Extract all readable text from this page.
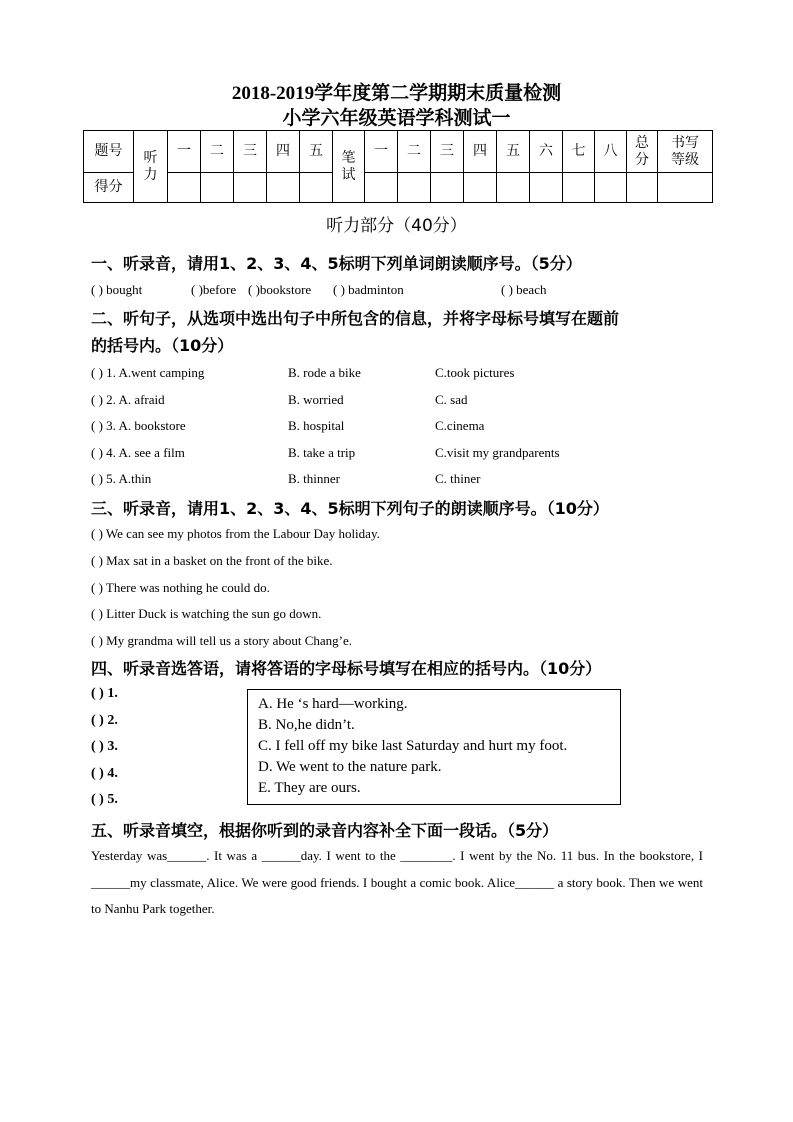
2018-2019学年度第二学期期末质量检测
小学六年级英语学科测试一
题号	听力	一	二	三	四	五	笔试	一	二	三	四	五	六	七	八	总分	书写等级
得分																	
听力部分（40分）
一、听录音，请用1、2、3、4、5标明下列单词朗读顺序号。（5分）
( ) bought	( )before ( )bookstore ( ) badminton	( ) beach
二、听句子，从选项中选出句子中所包含的信息，并将字母标号填写在题前
的括号内。（10分）
三、听录音，请用1、2、3、4、5标明下列句子的朗读顺序号。（10分）
四、听录音选答语，请将答语的字母标号填写在相应的括号内。（10分）
A. He ‘s hard—working.
B. No,he didn’t.
C. I fell off my bike last Saturday and hurt my foot.
D. We went to the nature park.
E. They are ours.
五、听录音填空，根据你听到的录音内容补全下面一段话。（5分）
Yesterday was______. It was a ______day. I went to the ________. I went by the No. 11 bus. In the bookstore, I ______my classmate, Alice. We were good friends. I bought a comic book. Alice______ a story book. Then we went to Nanhu Park together.
( ) 1. A.went camping	B. rode a bike	C.took pictures
( ) 2. A. afraid	B. worried	C. sad
( ) 3. A. bookstore	B. hospital	C.cinema
( ) 4. A. see a film	B. take a trip	C.visit my grandparents
( ) 5. A.thin	B. thinner	C. thiner
( ) We can see my photos from the Labour Day holiday.
( ) Max sat in a basket on the front of the bike.
( ) There was nothing he could do.
( ) Litter Duck is watching the sun go down.
( ) My grandma will tell us a story about Chang’e.
( ) 1.
( ) 2.
( ) 3.
( ) 4.
( ) 5.
